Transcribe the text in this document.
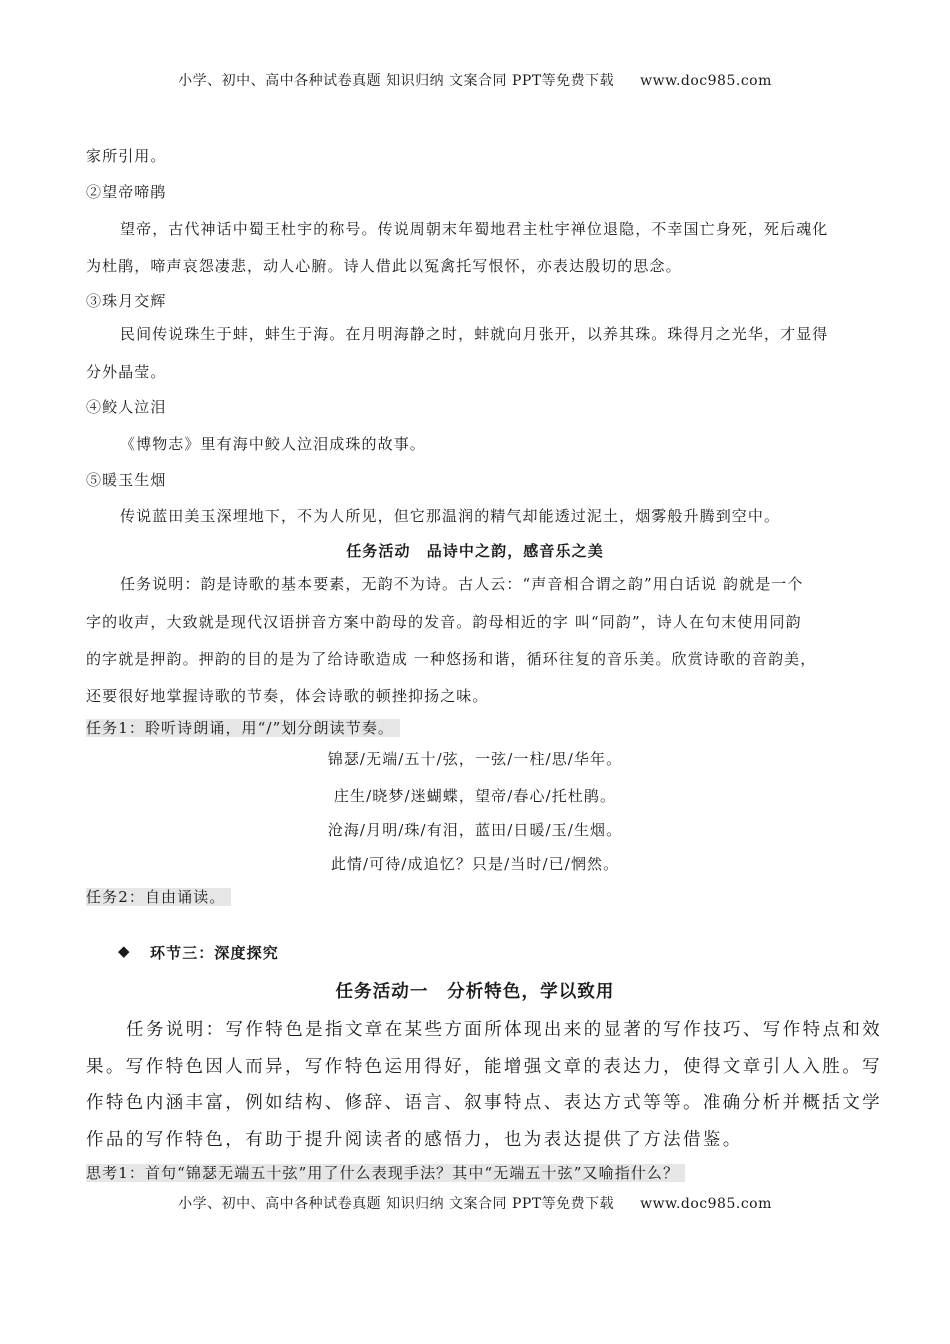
小学、初中、高中各种试卷真题 知识归纳 文案合同 PPT等免费下载 www.doc985.com
家所引用。
②望帝啼鹃
望帝，古代神话中蜀王杜宇的称号。传说周朝末年蜀地君主杜宇禅位退隐，不幸国亡身死，死后魂化
为杜鹃，啼声哀怨凄悲，动人心腑。诗人借此以冤禽托写恨怀，亦表达殷切的思念。
③珠月交辉
民间传说珠生于蚌，蚌生于海。在月明海静之时，蚌就向月张开，以养其珠。珠得月之光华，才显得
分外晶莹。
④鲛人泣泪
《博物志》里有海中鲛人泣泪成珠的故事。
⑤暖玉生烟
传说蓝田美玉深埋地下，不为人所见，但它那温润的精气却能透过泥土，烟雾般升腾到空中。
任务活动　品诗中之韵，感音乐之美
任务说明：韵是诗歌的基本要素，无韵不为诗。古人云：“声音相合谓之韵”用白话说 韵就是一个
字的收声，大致就是现代汉语拼音方案中韵母的发音。韵母相近的字 叫“同韵”，诗人在句末使用同韵
的字就是押韵。押韵的目的是为了给诗歌造成 一种悠扬和谐，循环往复的音乐美。欣赏诗歌的音韵美，
还要很好地掌握诗歌的节奏，体会诗歌的顿挫抑扬之味。
任务1：聆听诗朗诵，用“/”划分朗读节奏。
锦瑟/无端/五十/弦，一弦/一柱/思/华年。
庄生/晓梦/迷蝴蝶，望帝/春心/托杜鹃。
沧海/月明/珠/有泪，蓝田/日暖/玉/生烟。
此情/可待/成追忆？只是/当时/已/惘然。
任务2：自由诵读。
◆ 环节三：深度探究
任务活动一　分析特色，学以致用
任务说明：写作特色是指文章在某些方面所体现出来的显著的写作技巧、写作特点和效
果。写作特色因人而异，写作特色运用得好，能增强文章的表达力，使得文章引人入胜。写
作特色内涵丰富，例如结构、修辞、语言、叙事特点、表达方式等等。准确分析并概括文学
作品的写作特色，有助于提升阅读者的感悟力，也为表达提供了方法借鉴。
思考1：首句“锦瑟无端五十弦”用了什么表现手法？其中“无端五十弦”又喻指什么？
小学、初中、高中各种试卷真题 知识归纳 文案合同 PPT等免费下载 www.doc985.com
